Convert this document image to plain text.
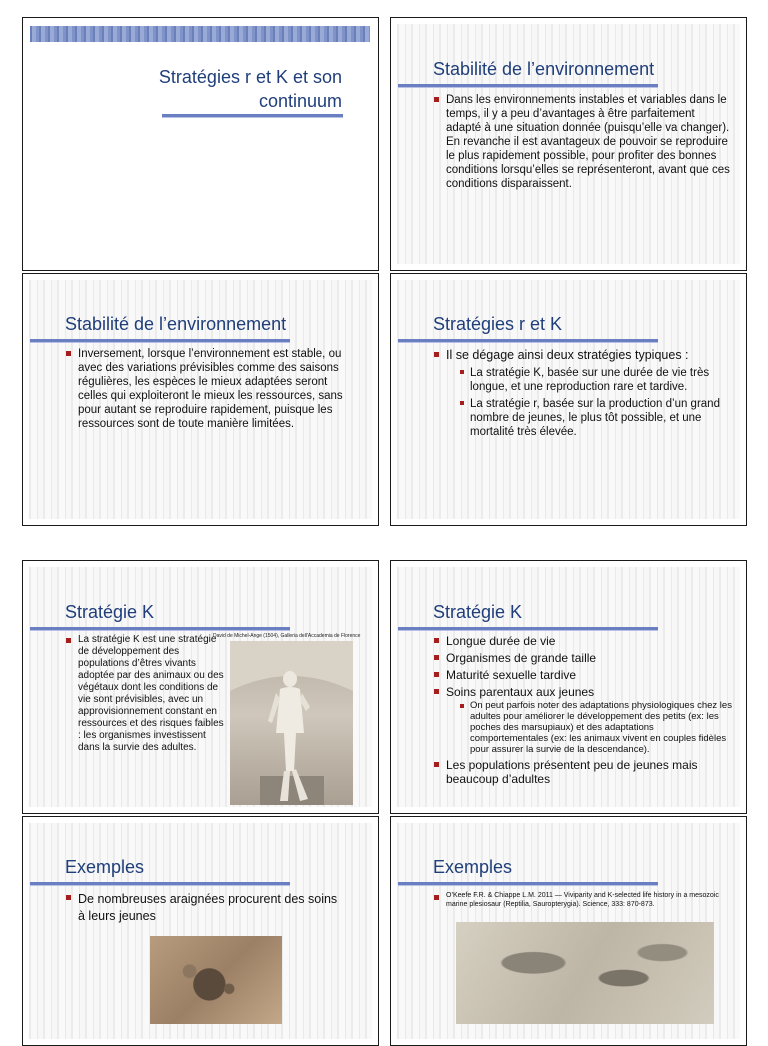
Stratégies r et K et son
continuum
Stabilité de l’environnement
Dans les environnements instables et variables dans le temps, il y a peu d’avantages à être parfaitement adapté à une situation donnée (puisqu’elle va changer). En revanche il est avantageux de pouvoir se reproduire le plus rapidement possible, pour profiter des bonnes conditions lorsqu’elles se représenteront, avant que ces conditions disparaissent.
Stabilité de l’environnement
Inversement, lorsque l’environnement est stable, ou avec des variations prévisibles comme des saisons régulières, les espèces le mieux adaptées seront celles qui exploiteront le mieux les ressources, sans pour autant se reproduire rapidement, puisque les ressources sont de toute manière limitées.
Stratégies r et K
Il se dégage ainsi deux stratégies typiques :
La stratégie K, basée sur une durée de vie très longue, et une reproduction rare et tardive.
La stratégie r, basée sur la production d’un grand nombre de jeunes, le plus tôt possible, et une mortalité très élevée.
Stratégie K
La stratégie K est une stratégie de développement des populations d’êtres vivants adoptée par des animaux ou des végétaux dont les conditions de vie sont prévisibles, avec un approvisionnement constant en ressources et des risques faibles : les organismes investissent dans la survie des adultes.
David de Michel-Ange (1504), Galleria dell'Accademia de Florence
Stratégie K
Longue durée de vie
Organismes de grande taille
Maturité sexuelle tardive
Soins parentaux aux jeunes
On peut parfois noter des adaptations physiologiques chez les adultes pour améliorer le développement des petits (ex: les poches des marsupiaux) et des adaptations comportementales (ex: les animaux vivent en couples fidèles pour assurer la survie de la descendance).
Les populations présentent peu de jeunes mais beaucoup d’adultes
Exemples
De nombreuses araignées procurent des soins à leurs jeunes
Exemples
O’Keefe F.R. & Chiappe L.M. 2011 — Viviparity and K-selected life history in a mesozoic marine plesiosaur (Reptilia, Sauropterygia). Science, 333: 870-873.
